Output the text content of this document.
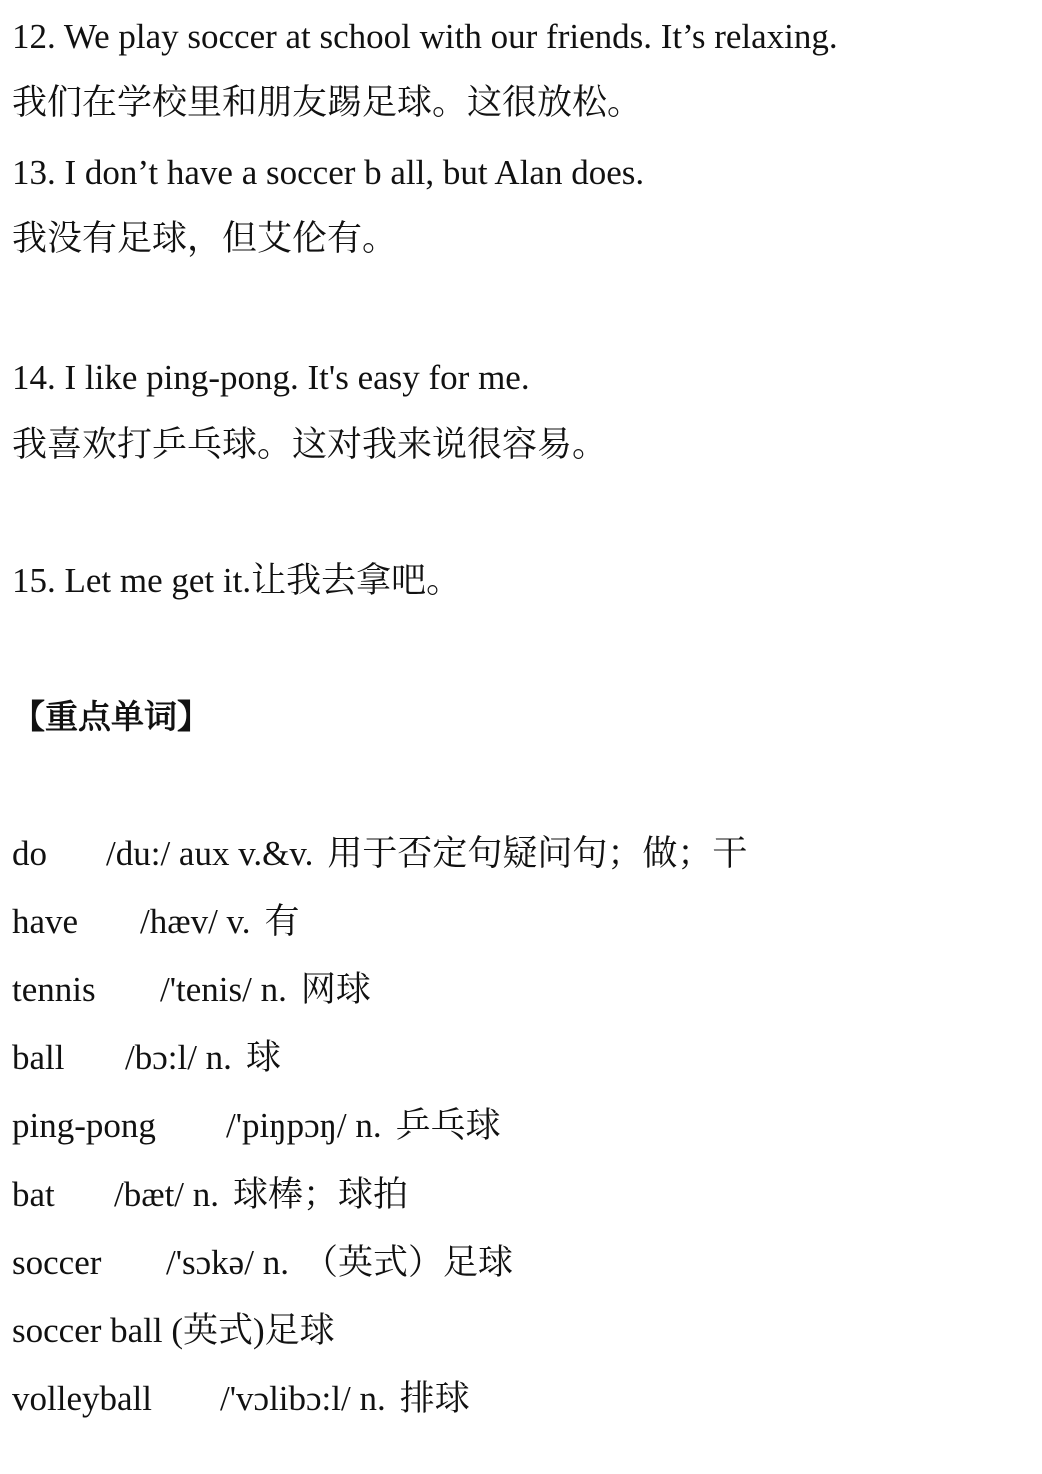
12. We play soccer at school with our friends. It’s relaxing.
我们在学校里和朋友踢足球。这很放松。
13. I don’t have a soccer b all, but Alan does.
我没有足球，但艾伦有。
14. I like ping-pong. It's easy for me.
我喜欢打乒乓球。这对我来说很容易。
15. Let me get it.让我去拿吧。
【重点单词】
do /du:/ aux v.&v. 用于否定句疑问句；做；干
have /hæv/ v. 有
tennis /'tenis/ n. 网球
ball /bɔ:l/ n. 球
ping-pong /'piŋpɔŋ/ n. 乒乓球
bat /bæt/ n. 球棒；球拍
soccer /'sɔkə/ n. （英式）足球
soccer ball (英式)足球
volleyball /'vɔlibɔ:l/ n. 排球
